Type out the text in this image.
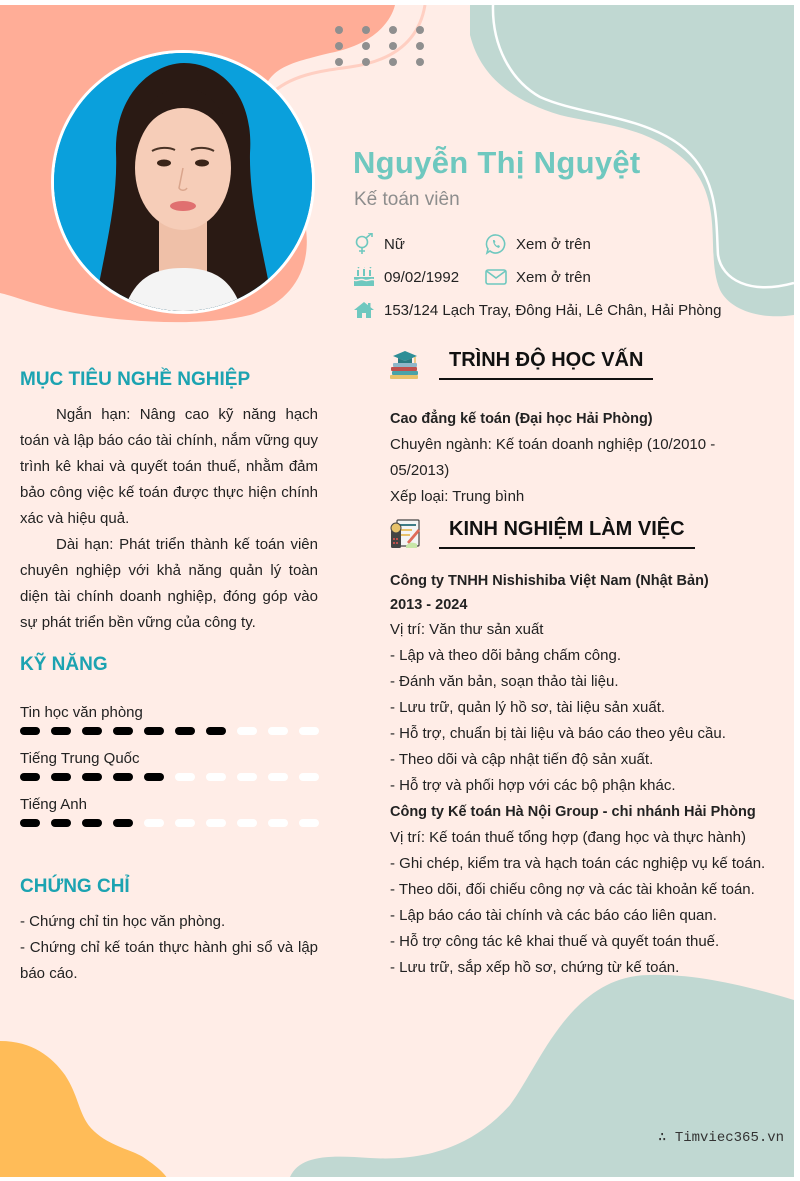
Nguyễn Thị Nguyệt
Kế toán viên
Nữ	Xem ở trên
09/02/1992	Xem ở trên
153/124 Lạch Tray, Đông Hải, Lê Chân, Hải Phòng
MỤC TIÊU NGHỀ NGHIỆP

Ngắn hạn: Nâng cao kỹ năng hạch toán và lập báo cáo tài chính, nắm vững quy trình kê khai và quyết toán thuế, nhằm đảm bảo công việc kế toán được thực hiện chính xác và hiệu quả.

Dài hạn: Phát triển thành kế toán viên chuyên nghiệp với khả năng quản lý toàn diện tài chính doanh nghiệp, đóng góp vào sự phát triển bền vững của công ty.

KỸ NĂNG
Tin học văn phòng
Tiếng Trung Quốc
Tiếng Anh
CHỨNG CHỈ
- Chứng chỉ tin học văn phòng.
- Chứng chỉ kế toán thực hành ghi sổ và lập báo cáo.
TRÌNH ĐỘ HỌC VẤN
Cao đẳng kế toán (Đại học Hải Phòng)
Chuyên ngành: Kế toán doanh nghiệp (10/2010 - 05/2013)
Xếp loại: Trung bình
KINH NGHIỆM LÀM VIỆC
Công ty TNHH Nishishiba Việt Nam (Nhật Bản)
2013 - 2024
Vị trí: Văn thư sản xuất
- Lập và theo dõi bảng chấm công.
- Đánh văn bản, soạn thảo tài liệu.
- Lưu trữ, quản lý hồ sơ, tài liệu sản xuất.
- Hỗ trợ, chuẩn bị tài liệu và báo cáo theo yêu cầu.
- Theo dõi và cập nhật tiến độ sản xuất.
- Hỗ trợ và phối hợp với các bộ phận khác.
Công ty Kế toán Hà Nội Group - chi nhánh Hải Phòng
Vị trí: Kế toán thuế tổng hợp (đang học và thực hành)
- Ghi chép, kiểm tra và hạch toán các nghiệp vụ kế toán.
- Theo dõi, đối chiếu công nợ và các tài khoản kế toán.
- Lập báo cáo tài chính và các báo cáo liên quan.
- Hỗ trợ công tác kê khai thuế và quyết toán thuế.
- Lưu trữ, sắp xếp hồ sơ, chứng từ kế toán.
∴ Timviec365.vn
